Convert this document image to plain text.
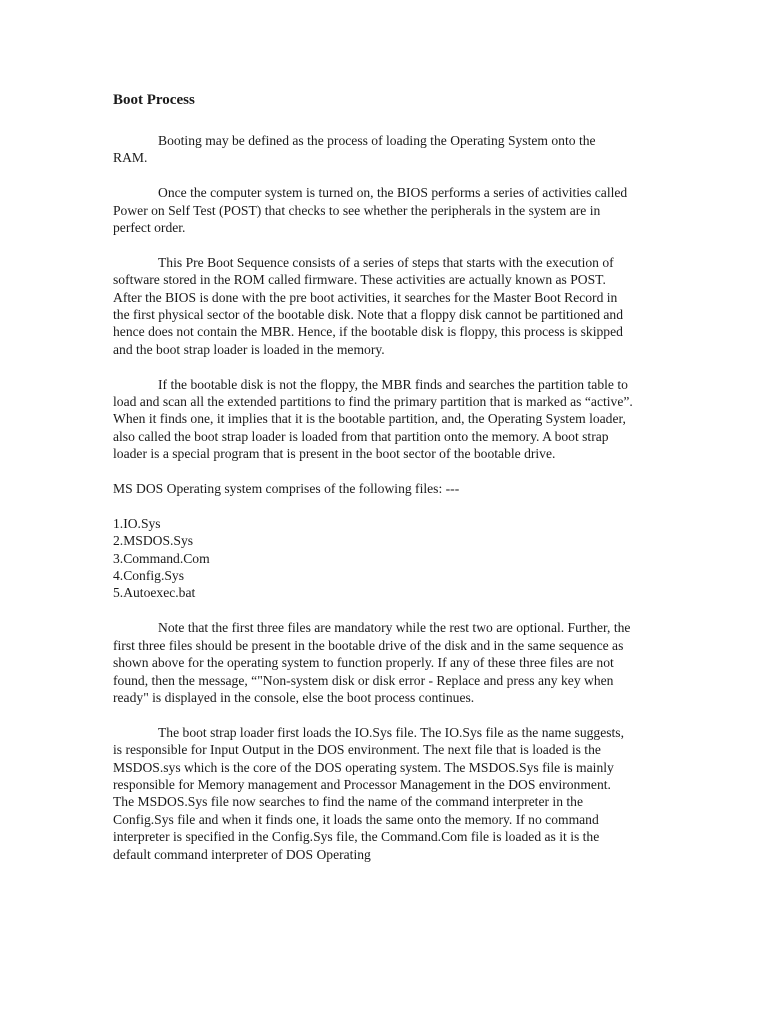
Boot Process

Booting may be defined as the process of loading the Operating System onto the RAM.

Once the computer system is turned on, the BIOS performs a series of activities called Power on Self Test (POST) that checks to see whether the peripherals in the system are in perfect order.

This Pre Boot Sequence consists of a series of steps that starts with the execution of software stored in the ROM called firmware. These activities are actually known as POST. After the BIOS is done with the pre boot activities, it searches for the Master Boot Record in the first physical sector of the bootable disk. Note that a floppy disk cannot be partitioned and hence does not contain the MBR. Hence, if the bootable disk is floppy, this process is skipped and the boot strap loader is loaded in the memory.

If the bootable disk is not the floppy, the MBR finds and searches the partition table to load and scan all the extended partitions to find the primary partition that is marked as “active”. When it finds one, it implies that it is the bootable partition, and, the Operating System loader, also called the boot strap loader is loaded from that partition onto the memory. A boot strap loader is a special program that is present in the boot sector of the bootable drive.

MS DOS Operating system comprises of the following files: ---

1.IO.Sys
2.MSDOS.Sys
3.Command.Com
4.Config.Sys
5.Autoexec.bat

Note that the first three files are mandatory while the rest two are optional. Further, the first three files should be present in the bootable drive of the disk and in the same sequence as shown above for the operating system to function properly. If any of these three files are not found, then the message, “"Non-system disk or disk error - Replace and press any key when ready" is displayed in the console, else the boot process continues.

The boot strap loader first loads the IO.Sys file. The IO.Sys file as the name suggests, is responsible for Input Output in the DOS environment. The next file that is loaded is the MSDOS.sys which is the core of the DOS operating system. The MSDOS.Sys file is mainly responsible for Memory management and Processor Management in the DOS environment. The MSDOS.Sys file now searches to find the name of the command interpreter in the Config.Sys file and when it finds one, it loads the same onto the memory. If no command interpreter is specified in the Config.Sys file, the Command.Com file is loaded as it is the default command interpreter of DOS Operating
